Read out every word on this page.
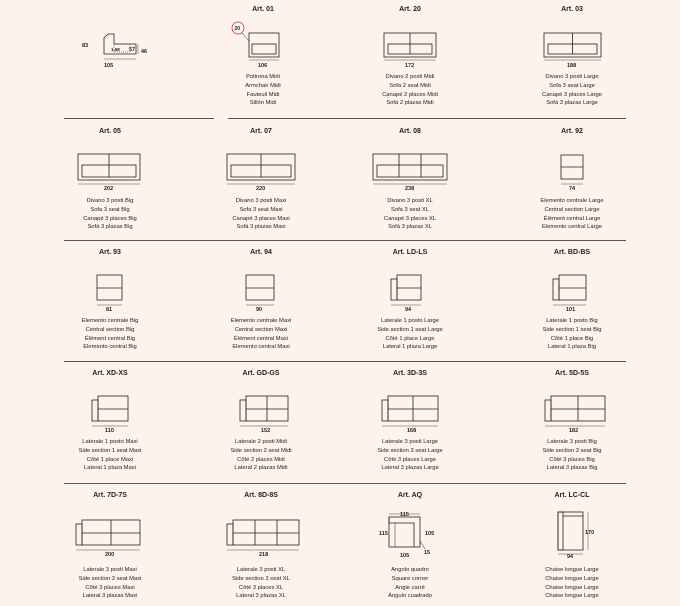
83
1,58 57 46
105
Art. 01
20
106
Poltrona Midi
Armchair Midi
Fauteuil Midi
Sillón Midi
Art. 20
172
Divano 2 posti Midi
Sofa 2 seat Midi
Canapé 2 places Midi
Sofá 2 plazas Midi
Art. 03
188
Divano 3 posti Large
Sofa 3 seat Large
Canapé 3 places Large
Sofá 3 plazas Large
Art. 05
202
Divano 3 posti Big
Sofa 3 seat Big
Canapé 3 places Big
Sofá 3 plazas Big
Art. 07
220
Divano 3 posti Maxi
Sofa 3 seat Maxi
Canapé 3 places Maxi
Sofá 3 plazas Maxi
Art. 08
238
Divano 3 posti XL
Sofa 3 seat XL
Canapé 3 places XL
Sofá 3 plazas XL
Art. 92
74
Elemento centrale Large
Central section Large
Élément central Large
Elemento central Large
Art. 93
81
Elemento centrale Big
Central section Big
Élément central Big
Elemento central Big
Art. 94
90
Elemento centrale Maxi
Central section Maxi
Élément central Maxi
Elemento central Maxi
Art. LD-LS
94
Laterale 1 posto Large
Side section 1 seat Large
Côté 1 place Large
Lateral 1 plaza Large
Art. BD-BS
101
Laterale 1 posto Big
Side section 1 seat Big
Côté 1 place Big
Lateral 1 plaza Big
Art. XD-XS
110
Laterale 1 posto Maxi
Side section 1 seat Maxi
Côté 1 place Maxi
Lateral 1 plaza Maxi
Art. GD-GS
152
Laterale 2 posti Midi
Side section 2 seat Midi
Côté 2 places Midi
Lateral 2 plazas Midi
Art. 3D-3S
168
Laterale 3 posti Large
Side section 3 seat Large
Côté 3 places Large
Lateral 3 plazas Large
Art. 5D-5S
182
Laterale 3 posti Big
Side section 3 seat Big
Côté 3 places Big
Lateral 3 plazas Big
Art. 7D-7S
200
Laterale 3 posti Maxi
Side section 3 seat Maxi
Côté 3 places Maxi
Lateral 3 plazas Maxi
Art. 8D-8S
218
Laterale 3 posti XL
Side section 3 seat XL
Côté 3 places XL
Lateral 3 plazas XL
Art. AQ
115
115	105
105	15
Angolo quadro
Square corner
Angle carré
Ángulo cuadrado
Art. LC-CL
170
94
Chaise longue Large
Chaise longue Large
Chaise longue Large
Chaise longue Large
